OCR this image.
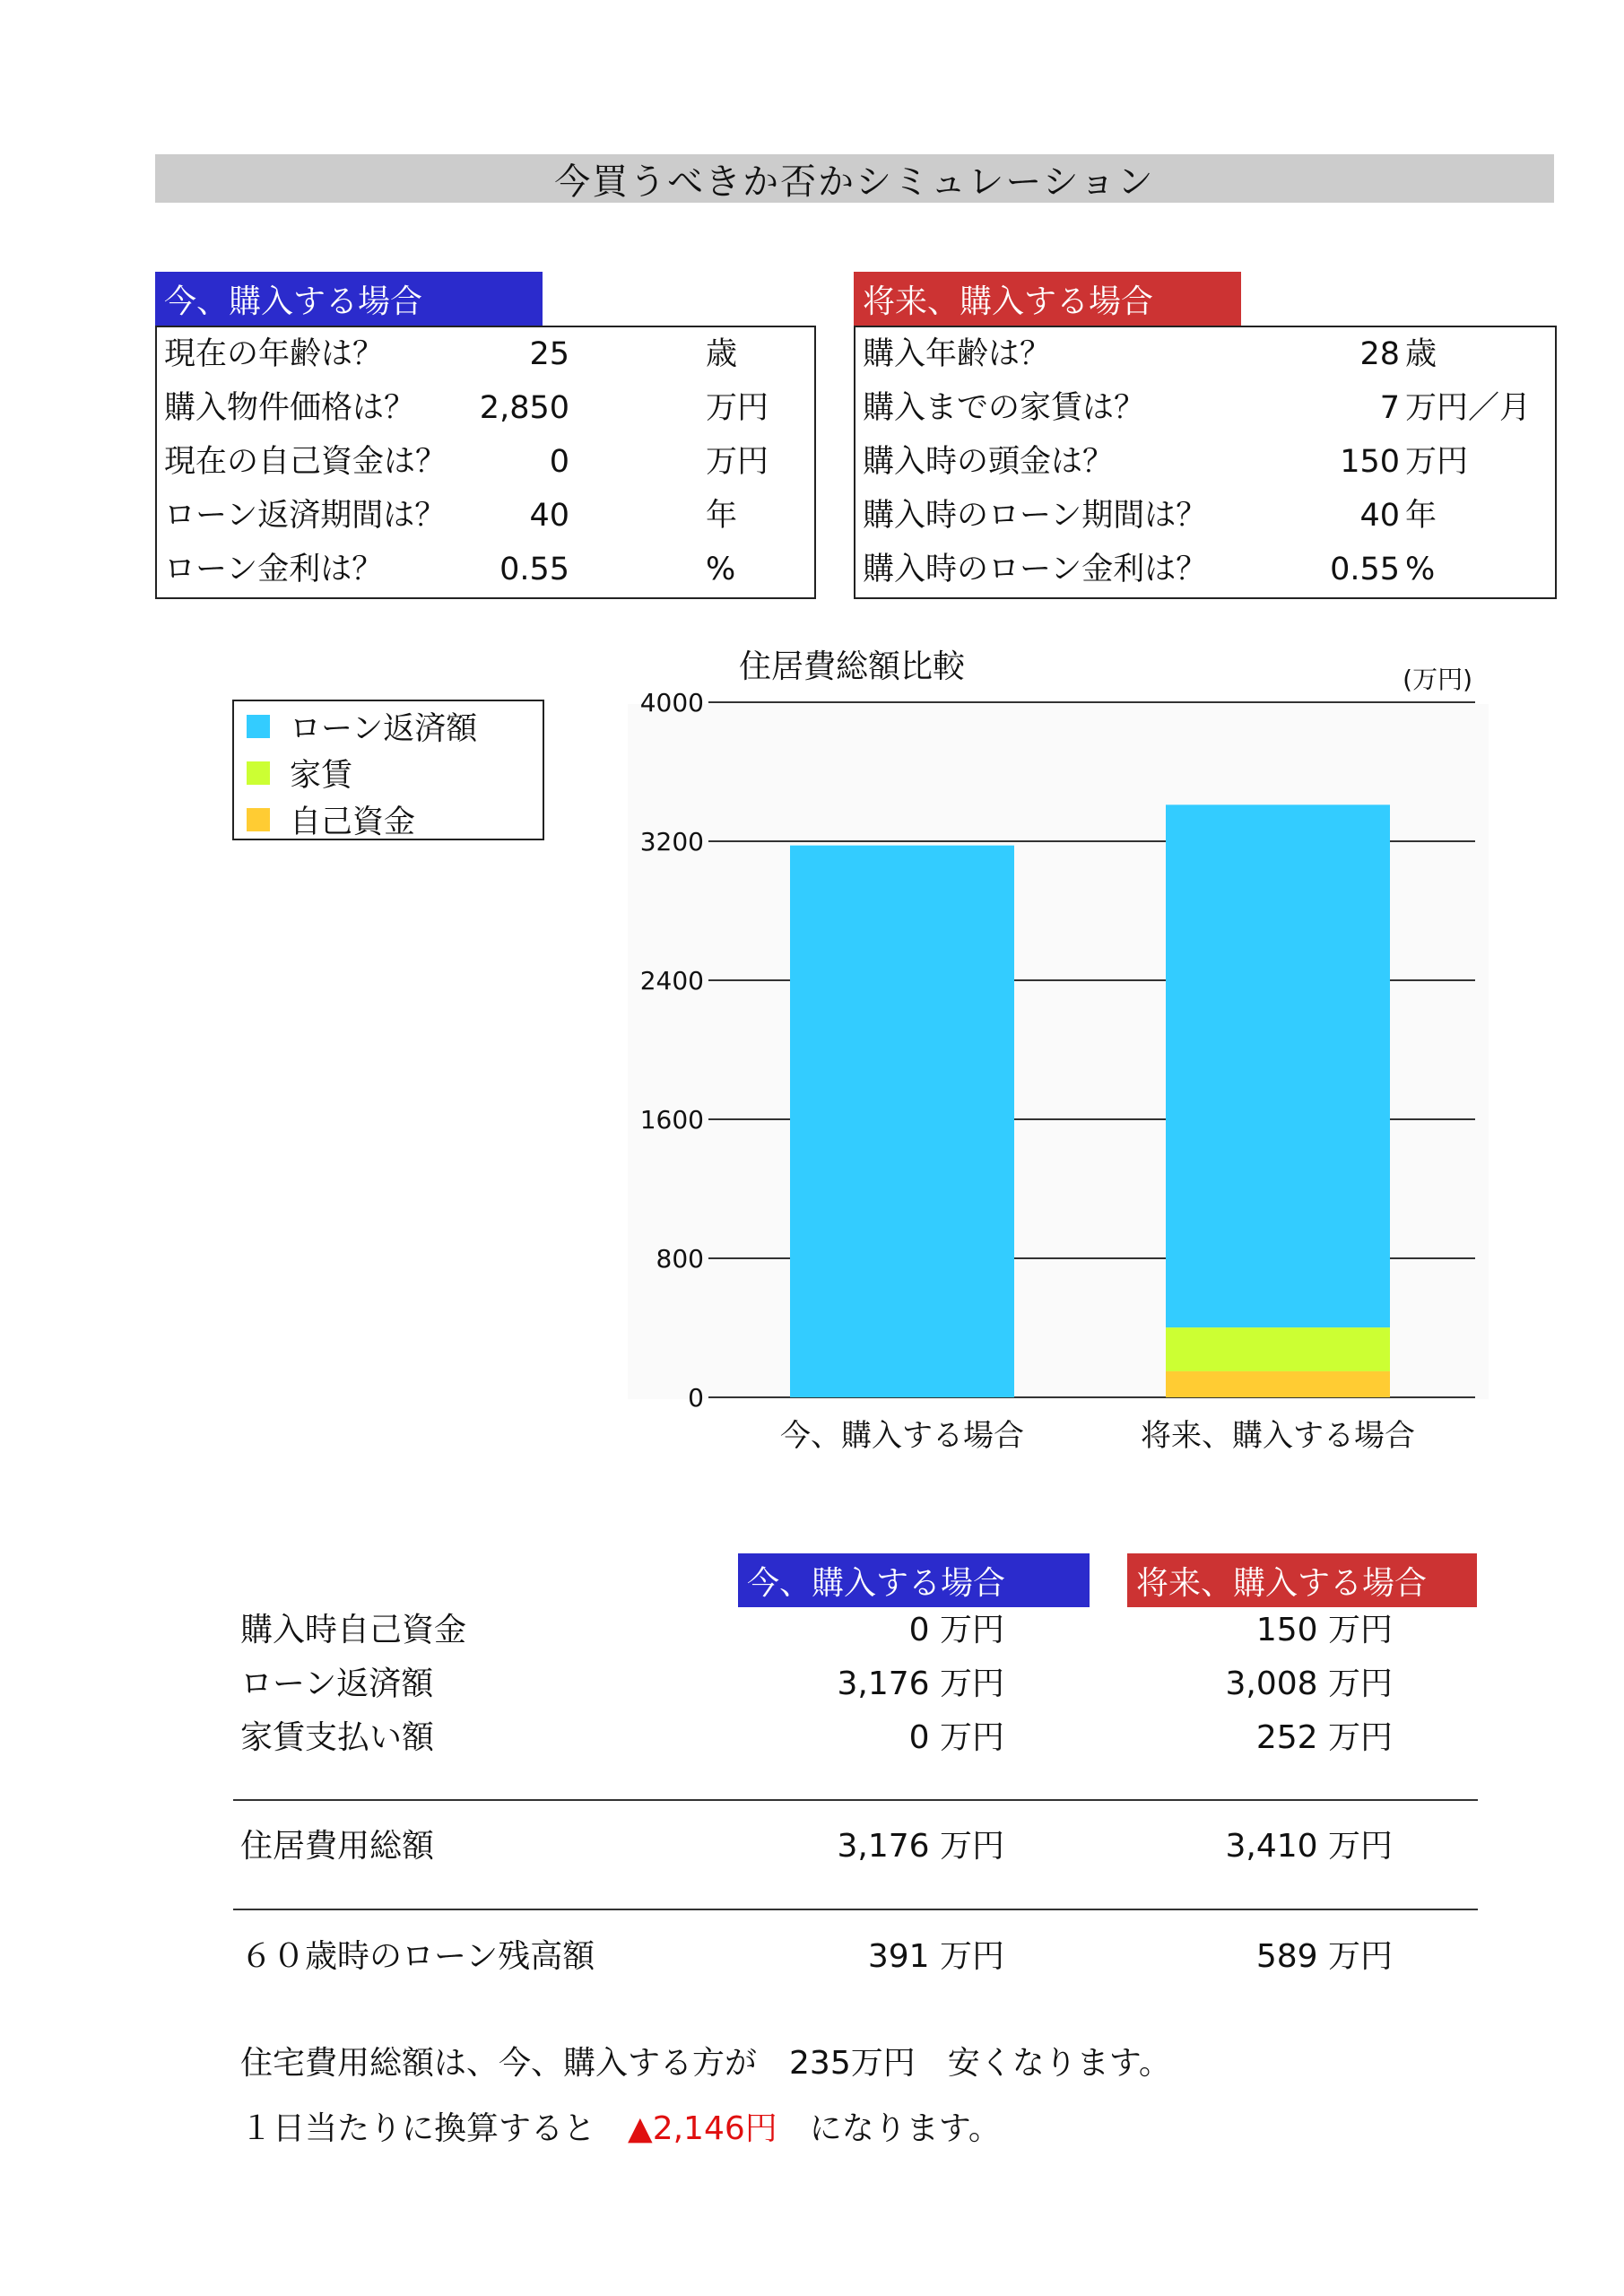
今買うべきか否かシミュレーション
今、購入する場合
現在の年齢は？	25	歳
購入物件価格は？ 2,850	万円
現在の自己資金は？	0	万円
ローン返済期間は？	40	年
ローン金利は？	0.55	%
将来、購入する場合
購入年齢は？	28 歳
購入までの家賃は？	7 万円／月
購入時の頭金は？	150 万円
購入時のローン期間は？	40 年
購入時のローン金利は？	0.55 %
ローン返済額
家賃
自己資金
住居費総額比較	(万円)
0
800
1600
2400
3200
4000
今、購入する場合	将来、購入する場合
今、購入する場合	将来、購入する場合
購入時自己資金	0 万円	150 万円
ローン返済額	3,176 万円	3,008 万円
家賃支払い額	0 万円	252 万円
住居費用総額	3,176 万円	3,410 万円
６０歳時のローン残高額	391 万円	589 万円
住宅費用総額は、今、購入する方が　235万円　安くなります。
１日当たりに換算すると　▲2,146円　になります。
